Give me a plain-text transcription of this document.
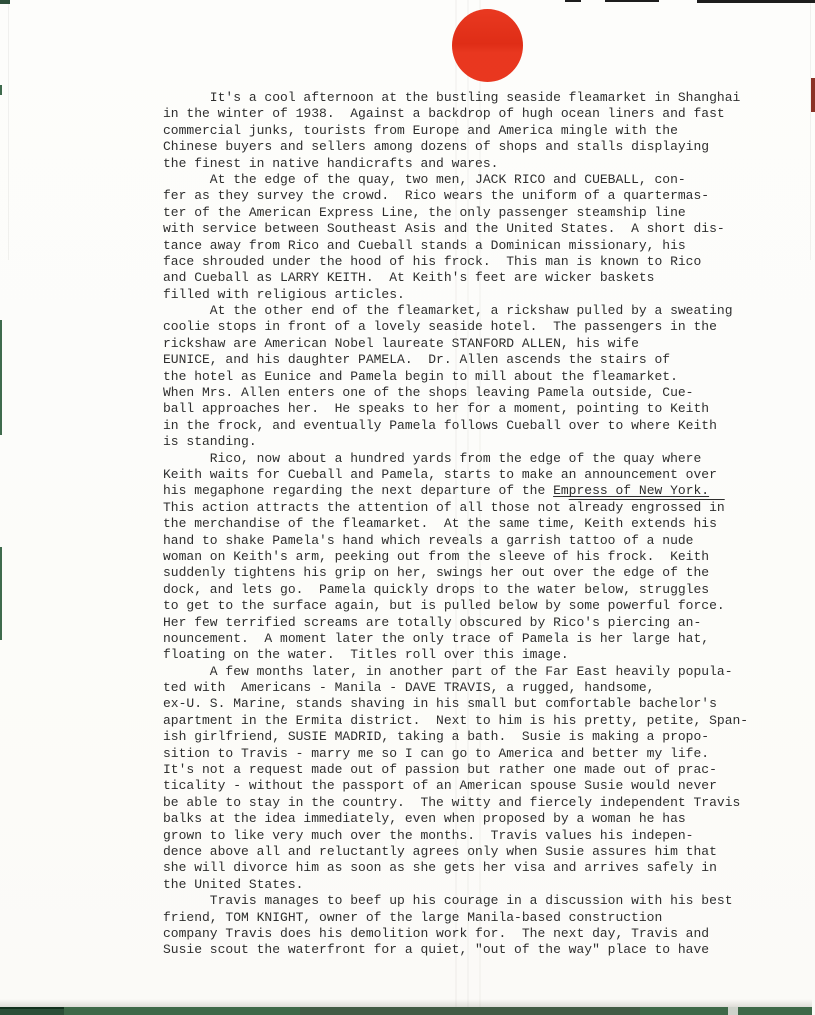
It's a cool afternoon at the bustling seaside fleamarket in Shanghai
in the winter of 1938.  Against a backdrop of hugh ocean liners and fast
commercial junks, tourists from Europe and America mingle with the
Chinese buyers and sellers among dozens of shops and stalls displaying
the finest in native handicrafts and wares.
At the edge of the quay, two men, JACK RICO and CUEBALL, con-
fer as they survey the crowd.  Rico wears the uniform of a quartermas-
ter of the American Express Line, the only passenger steamship line
with service between Southeast Asis and the United States.  A short dis-
tance away from Rico and Cueball stands a Dominican missionary, his
face shrouded under the hood of his frock.  This man is known to Rico
and Cueball as LARRY KEITH.  At Keith's feet are wicker baskets
filled with religious articles.
At the other end of the fleamarket, a rickshaw pulled by a sweating
coolie stops in front of a lovely seaside hotel.  The passengers in the
rickshaw are American Nobel laureate STANFORD ALLEN, his wife
EUNICE, and his daughter PAMELA.  Dr. Allen ascends the stairs of
the hotel as Eunice and Pamela begin to mill about the fleamarket.
When Mrs. Allen enters one of the shops leaving Pamela outside, Cue-
ball approaches her.  He speaks to her for a moment, pointing to Keith
in the frock, and eventually Pamela follows Cueball over to where Keith
is standing.
Rico, now about a hundred yards from the edge of the quay where
Keith waits for Cueball and Pamela, starts to make an announcement over
his megaphone regarding the next departure of the Empress of New York.
This action attracts the attention of all those not already engrossed in
the merchandise of the fleamarket.  At the same time, Keith extends his
hand to shake Pamela's hand which reveals a garrish tattoo of a nude
woman on Keith's arm, peeking out from the sleeve of his frock.  Keith
suddenly tightens his grip on her, swings her out over the edge of the
dock, and lets go.  Pamela quickly drops to the water below, struggles
to get to the surface again, but is pulled below by some powerful force.
Her few terrified screams are totally obscured by Rico's piercing an-
nouncement.  A moment later the only trace of Pamela is her large hat,
floating on the water.  Titles roll over this image.
A few months later, in another part of the Far East heavily popula-
ted with  Americans - Manila - DAVE TRAVIS, a rugged, handsome,
ex-U. S. Marine, stands shaving in his small but comfortable bachelor's
apartment in the Ermita district.  Next to him is his pretty, petite, Span-
ish girlfriend, SUSIE MADRID, taking a bath.  Susie is making a propo-
sition to Travis - marry me so I can go to America and better my life.
It's not a request made out of passion but rather one made out of prac-
ticality - without the passport of an American spouse Susie would never
be able to stay in the country.  The witty and fiercely independent Travis
balks at the idea immediately, even when proposed by a woman he has
grown to like very much over the months.  Travis values his indepen-
dence above all and reluctantly agrees only when Susie assures him that
she will divorce him as soon as she gets her visa and arrives safely in
the United States.
Travis manages to beef up his courage in a discussion with his best
friend, TOM KNIGHT, owner of the large Manila-based construction
company Travis does his demolition work for.  The next day, Travis and
Susie scout the waterfront for a quiet, "out of the way" place to have
